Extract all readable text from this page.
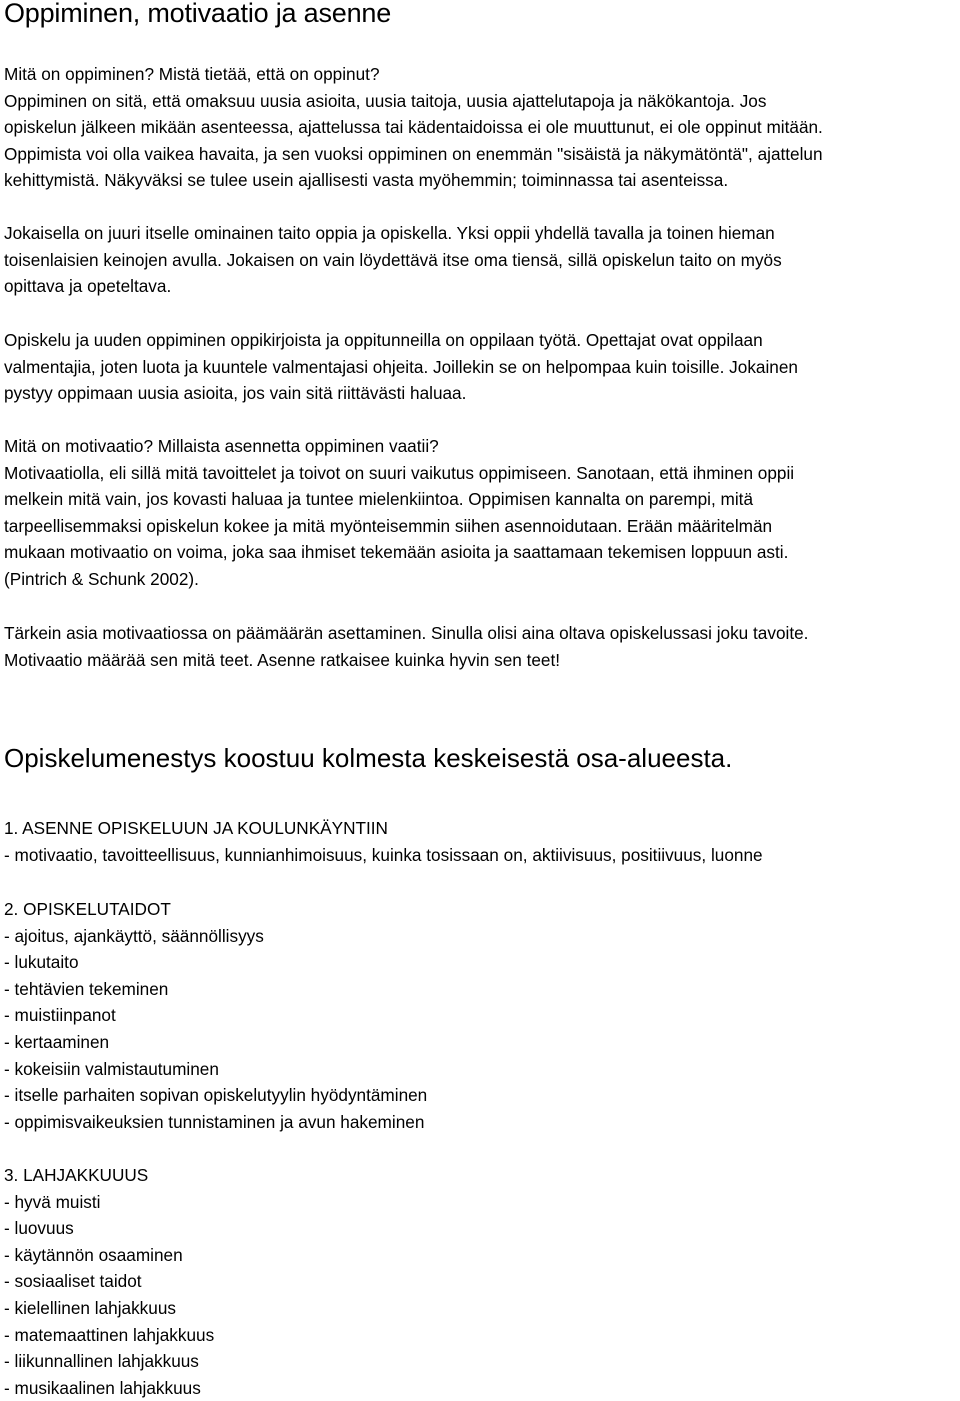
Oppiminen, motivaatio ja asenne
Mitä on oppiminen? Mistä tietää, että on oppinut?
Oppiminen on sitä, että omaksuu uusia asioita, uusia taitoja, uusia ajattelutapoja ja näkökantoja. Jos
opiskelun jälkeen mikään asenteessa, ajattelussa tai kädentaidoissa ei ole muuttunut, ei ole oppinut mitään.
Oppimista voi olla vaikea havaita, ja sen vuoksi oppiminen on enemmän "sisäistä ja näkymätöntä", ajattelun
kehittymistä. Näkyväksi se tulee usein ajallisesti vasta myöhemmin; toiminnassa tai asenteissa.
Jokaisella on juuri itselle ominainen taito oppia ja opiskella. Yksi oppii yhdellä tavalla ja toinen hieman
toisenlaisien keinojen avulla. Jokaisen on vain löydettävä itse oma tiensä, sillä opiskelun taito on myös
opittava ja opeteltava.
Opiskelu ja uuden oppiminen oppikirjoista ja oppitunneilla on oppilaan työtä. Opettajat ovat oppilaan
valmentajia, joten luota ja kuuntele valmentajasi ohjeita. Joillekin se on helpompaa kuin toisille. Jokainen
pystyy oppimaan uusia asioita, jos vain sitä riittävästi haluaa.
Mitä on motivaatio? Millaista asennetta oppiminen vaatii?
Motivaatiolla, eli sillä mitä tavoittelet ja toivot on suuri vaikutus oppimiseen. Sanotaan, että ihminen oppii
melkein mitä vain, jos kovasti haluaa ja tuntee mielenkiintoa. Oppimisen kannalta on parempi, mitä
tarpeellisemmaksi opiskelun kokee ja mitä myönteisemmin siihen asennoidutaan. Erään määritelmän
mukaan motivaatio on voima, joka saa ihmiset tekemään asioita ja saattamaan tekemisen loppuun asti.
(Pintrich & Schunk 2002).
Tärkein asia motivaatiossa on päämäärän asettaminen. Sinulla olisi aina oltava opiskelussasi joku tavoite.
Motivaatio määrää sen mitä teet. Asenne ratkaisee kuinka hyvin sen teet!
Opiskelumenestys koostuu kolmesta keskeisestä osa-alueesta.
1. ASENNE OPISKELUUN JA KOULUNKÄYNTIIN
- motivaatio, tavoitteellisuus, kunnianhimoisuus, kuinka tosissaan on, aktiivisuus, positiivuus, luonne
2. OPISKELUTAIDOT
- ajoitus, ajankäyttö, säännöllisyys
- lukutaito
- tehtävien tekeminen
- muistiinpanot
- kertaaminen
- kokeisiin valmistautuminen
- itselle parhaiten sopivan opiskelutyylin hyödyntäminen
- oppimisvaikeuksien tunnistaminen ja avun hakeminen
3. LAHJAKKUUUS
- hyvä muisti
- luovuus
- käytännön osaaminen
- sosiaaliset taidot
- kielellinen lahjakkuus
- matemaattinen lahjakkuus
- liikunnallinen lahjakkuus
- musikaalinen lahjakkuus
